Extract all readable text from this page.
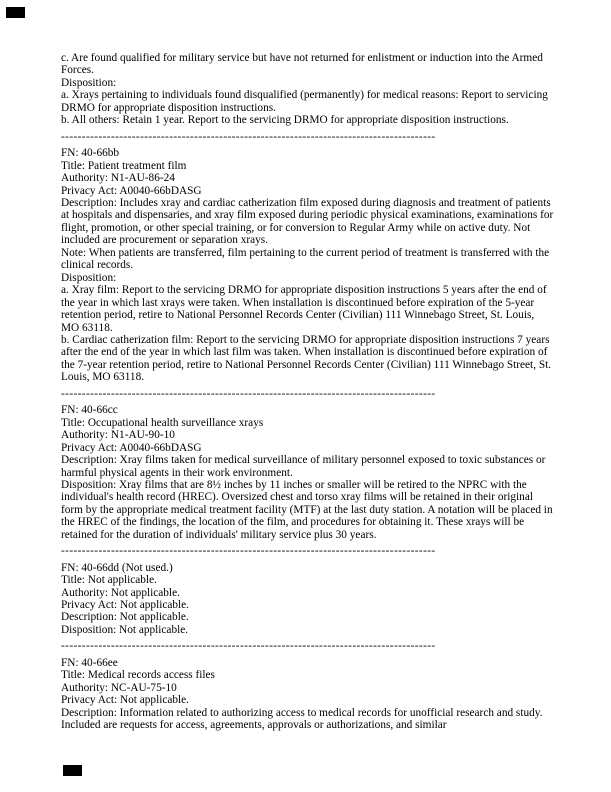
c. Are found qualified for military service but have not returned for enlistment or induction into the Armed Forces.

Disposition:

a. Xrays pertaining to individuals found disqualified (permanently) for medical reasons: Report to servicing DRMO for appropriate disposition instructions.

b. All others: Retain 1 year. Report to the servicing DRMO for appropriate disposition instructions.

------------------------------------------------------------------------------------------

FN: 40-66bb

Title: Patient treatment film

Authority: N1-AU-86-24

Privacy Act: A0040-66bDASG

Description: Includes xray and cardiac catherization film exposed during diagnosis and treatment of patients at hospitals and dispensaries, and xray film exposed during periodic physical examinations, examinations for flight, promotion, or other special training, or for conversion to Regular Army while on active duty. Not included are procurement or separation xrays.

Note: When patients are transferred, film pertaining to the current period of treatment is transferred with the clinical records.

Disposition:

a. Xray film: Report to the servicing DRMO for appropriate disposition instructions 5 years after the end of the year in which last xrays were taken. When installation is discontinued before expiration of the 5-year retention period, retire to National Personnel Records Center (Civilian) 111 Winnebago Street, St. Louis, MO 63118.

b. Cardiac catherization film: Report to the servicing DRMO for appropriate disposition instructions 7 years after the end of the year in which last film was taken. When installation is discontinued before expiration of the 7-year retention period, retire to National Personnel Records Center (Civilian) 111 Winnebago Street, St. Louis, MO 63118.

------------------------------------------------------------------------------------------

FN: 40-66cc

Title: Occupational health surveillance xrays

Authority: N1-AU-90-10

Privacy Act: A0040-66bDASG

Description: Xray films taken for medical surveillance of military personnel exposed to toxic substances or harmful physical agents in their work environment.

Disposition: Xray films that are 8½ inches by 11 inches or smaller will be retired to the NPRC with the individual's health record (HREC). Oversized chest and torso xray films will be retained in their original form by the appropriate medical treatment facility (MTF) at the last duty station. A notation will be placed in the HREC of the findings, the location of the film, and procedures for obtaining it. These xrays will be retained for the duration of individuals' military service plus 30 years.

------------------------------------------------------------------------------------------

FN: 40-66dd (Not used.)

Title: Not applicable.

Authority: Not applicable.

Privacy Act: Not applicable.

Description: Not applicable.

Disposition: Not applicable.

------------------------------------------------------------------------------------------

FN: 40-66ee

Title: Medical records access files

Authority: NC-AU-75-10

Privacy Act: Not applicable.

Description: Information related to authorizing access to medical records for unofficial research and study. Included are requests for access, agreements, approvals or authorizations, and similar
